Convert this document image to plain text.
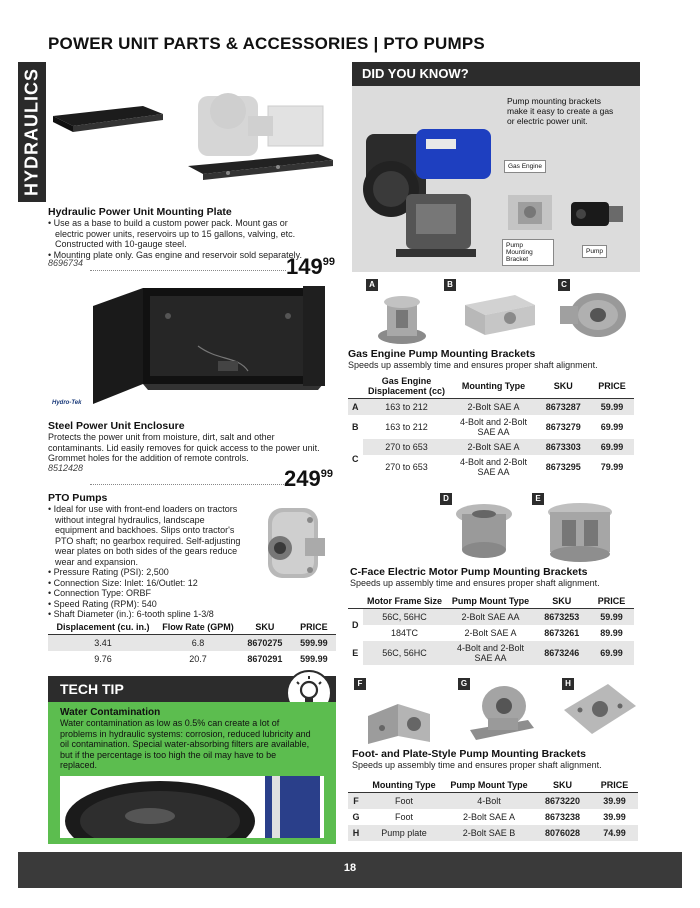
POWER UNIT PARTS & ACCESSORIES | PTO PUMPS
HYDRAULICS
Hydraulic Power Unit Mounting Plate
• Use as a base to build a custom power pack. Mount gas or electric power units, reservoirs up to 15 gallons, valving, etc. Constructed with 10-gauge steel.
• Mounting plate only. Gas engine and reservoir sold separately.
8696734	$149^{99}$
Hydro-Tek
Steel Power Unit Enclosure
Protects the power unit from moisture, dirt, salt and other contaminants. Lid easily removes for quick access to the power unit. Grommet holes for the addition of remote controls.
8512428	$249^{99}$
PTO Pumps
• Ideal for use with front-end loaders on tractors without integral hydraulics, landscape equipment and backhoes. Slips onto tractor's PTO shaft; no gearbox required. Self-adjusting wear plates on both sides of the gears reduce wear and expansion.
• Pressure Rating (PSI): 2,500
• Connection Size: Inlet: 16/Outlet: 12
• Connection Type: ORBF
• Speed Rating (RPM): 540
• Shaft Diameter (in.): 6-tooth spline 1-3/8
Displacement (cu. in.)	Flow Rate (GPM)	SKU	PRICE
3.41	6.8	8670275	599.99
9.76	20.7	8670291	599.99
TECH TIP
Water Contamination
Water contamination as low as 0.5% can create a lot of problems in hydraulic systems: corrosion, reduced lubricity and oil contamination. Special water-absorbing filters are available, but if the percentage is too high the oil may have to be replaced.
DID YOU KNOW?
Pump mounting brackets make it easy to create a gas or electric power unit.
Gas Engine
Pump Mounting Bracket
Pump
A	B	C
Gas Engine Pump Mounting Brackets
Speeds up assembly time and ensures proper shaft alignment.
	Gas Engine Displacement (cc)	Mounting Type	SKU	PRICE
A	163 to 212	2-Bolt SAE A	8673287	59.99
B	163 to 212	4-Bolt and 2-Bolt SAE AA	8673279	69.99
C	270 to 653	2-Bolt SAE A	8673303	69.99
	270 to 653	4-Bolt and 2-Bolt SAE AA	8673295	79.99
D	E
C-Face Electric Motor Pump Mounting Brackets
Speeds up assembly time and ensures proper shaft alignment.
	Motor Frame Size	Pump Mount Type	SKU	PRICE
D	56C, 56HC	2-Bolt SAE AA	8673253	59.99
	184TC	2-Bolt SAE A	8673261	89.99
E	56C, 56HC	4-Bolt and 2-Bolt SAE AA	8673246	69.99
F	G	H
Foot- and Plate-Style Pump Mounting Brackets
Speeds up assembly time and ensures proper shaft alignment.
	Mounting Type	Pump Mount Type	SKU	PRICE
F	Foot	4-Bolt	8673220	39.99
G	Foot	2-Bolt SAE A	8673238	39.99
H	Pump plate	2-Bolt SAE B	8076028	74.99
18
